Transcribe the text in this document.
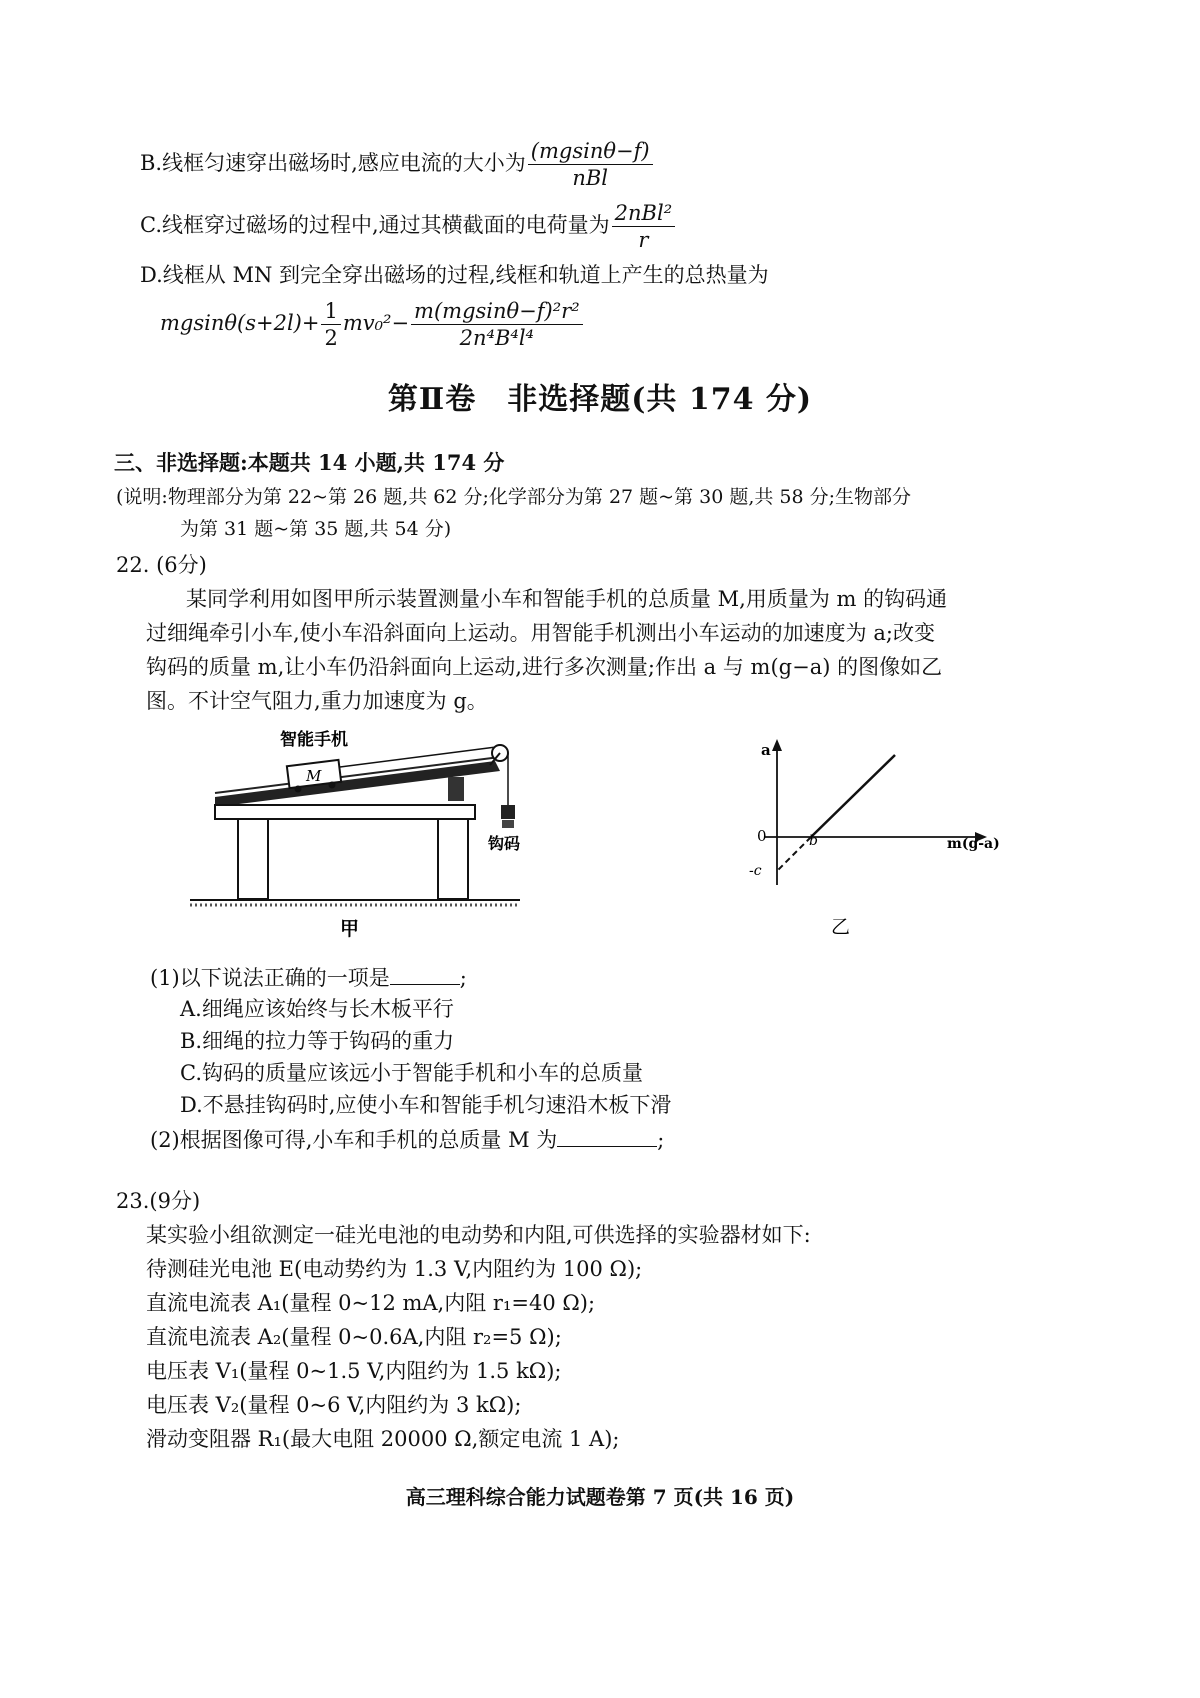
B.线框匀速穿出磁场时,感应电流的大小为 $\frac{(mgsin\theta-f)}{\text{nBl}}$
C.线框穿过磁场的过程中,通过其横截面的电荷量为 $\frac{\text{2nBl²}}{r}$
D.线框从 MN 到完全穿出磁场的过程,线框和轨道上产生的总热量为
$mgsin\theta(s+2l)+ \frac{1}{2} mv_0^2- \frac{\text{m(mgsinθ−f)²r²}}{\text{2n⁴B⁴l⁴}}$
第Ⅱ卷　非选择题(共 174 分)
三、非选择题:本题共 14 小题,共 174 分
(说明:物理部分为第 22~第 26 题,共 62 分;化学部分为第 27 题~第 30 题,共 58 分;生物部分
为第 31 题~第 35 题,共 54 分)
22. (6分)
某同学利用如图甲所示装置测量小车和智能手机的总质量 M,用质量为 m 的钩码通
过细绳牵引小车,使小车沿斜面向上运动。用智能手机测出小车运动的加速度为 a;改变
钩码的质量 m,让小车仍沿斜面向上运动,进行多次测量;作出 a 与 m(g−a) 的图像如乙
图。不计空气阻力,重力加速度为 g。
智能手机
M
钩码
甲
a
m(g-a)
0	b
-c
乙
(1)以下说法正确的一项是	;
A.细绳应该始终与长木板平行
B.细绳的拉力等于钩码的重力
C.钩码的质量应该远小于智能手机和小车的总质量
D.不悬挂钩码时,应使小车和智能手机匀速沿木板下滑
(2)根据图像可得,小车和手机的总质量 M 为	;
23.(9分)
某实验小组欲测定一硅光电池的电动势和内阻,可供选择的实验器材如下:
待测硅光电池 E(电动势约为 1.3 V,内阻约为 100 Ω);
直流电流表 A₁(量程 0~12 mA,内阻 r₁=40 Ω);
直流电流表 A₂(量程 0~0.6A,内阻 r₂=5 Ω);
电压表 V₁(量程 0~1.5 V,内阻约为 1.5 kΩ);
电压表 V₂(量程 0~6 V,内阻约为 3 kΩ);
滑动变阻器 R₁(最大电阻 20000 Ω,额定电流 1 A);
高三理科综合能力试题卷第 7 页(共 16 页)
